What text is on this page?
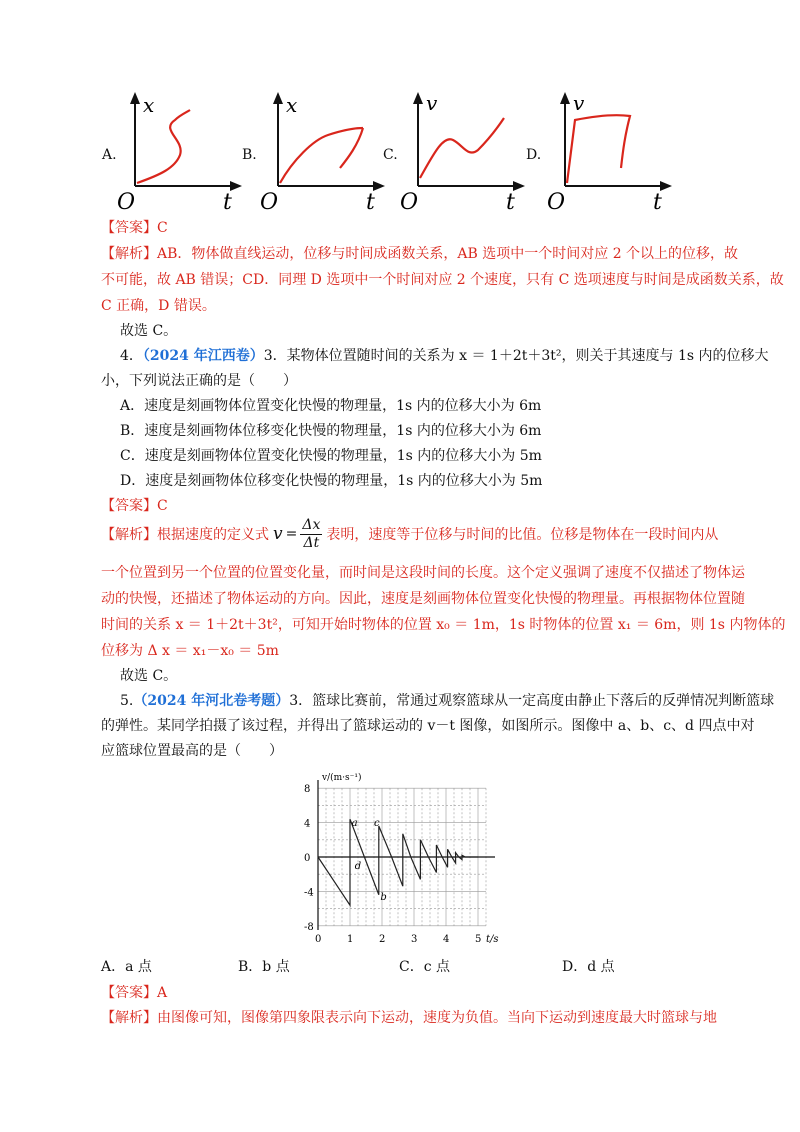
A.
x
O	t
B.
x
O	t
C.
v
O	t
D.
v
O	t
【答案】C
【解析】AB．物体做直线运动，位移与时间成函数关系，AB 选项中一个时间对应 2 个以上的位移，故
不可能，故 AB 错误；CD．同理 D 选项中一个时间对应 2 个速度，只有 C 选项速度与时间是成函数关系，故
C 正确，D 错误。
故选 C。
4．（2024 年江西卷）3．某物体位置随时间的关系为 x ＝ 1＋2t＋3t²，则关于其速度与 1s 内的位移大
小，下列说法正确的是（　　）
A．速度是刻画物体位置变化快慢的物理量，1s 内的位移大小为 6m
B．速度是刻画物体位移变化快慢的物理量，1s 内的位移大小为 6m
C．速度是刻画物体位置变化快慢的物理量，1s 内的位移大小为 5m
D．速度是刻画物体位移变化快慢的物理量，1s 内的位移大小为 5m
【答案】C
【解析】 根据速度的定义式 $v = \frac{\Delta x}{\Delta t}$ 表明，速度等于位移与时间的比值。位移是物体在一段时间内从
一个位置到另一个位置的位置变化量，而时间是这段时间的长度。这个定义强调了速度不仅描述了物体运
动的快慢，还描述了物体运动的方向。因此，速度是刻画物体位置变化快慢的物理量。再根据物体位置随
时间的关系 x ＝ 1＋2t＋3t²，可知开始时物体的位置 x₀ ＝ 1m，1s 时物体的位置 x₁ ＝ 6m，则 1s 内物体的
位移为 Δ x ＝ x₁－x₀ ＝ 5m
故选 C。
5.（2024 年河北卷考题）3．篮球比赛前，常通过观察篮球从一定高度由静止下落后的反弹情况判断篮球
的弹性。某同学拍摄了该过程，并得出了篮球运动的 v－t 图像，如图所示。图像中 a、b、c、d 四点中对
应篮球位置最高的是（　　）
v/(m·s⁻¹)
t/s
8
4
0
-4
-8
0	1	2	3	4	5
a
b
c
d
A．a 点	B．b 点	C．c 点	D．d 点
【答案】A
【解析】由图像可知，图像第四象限表示向下运动，速度为负值。当向下运动到速度最大时篮球与地
